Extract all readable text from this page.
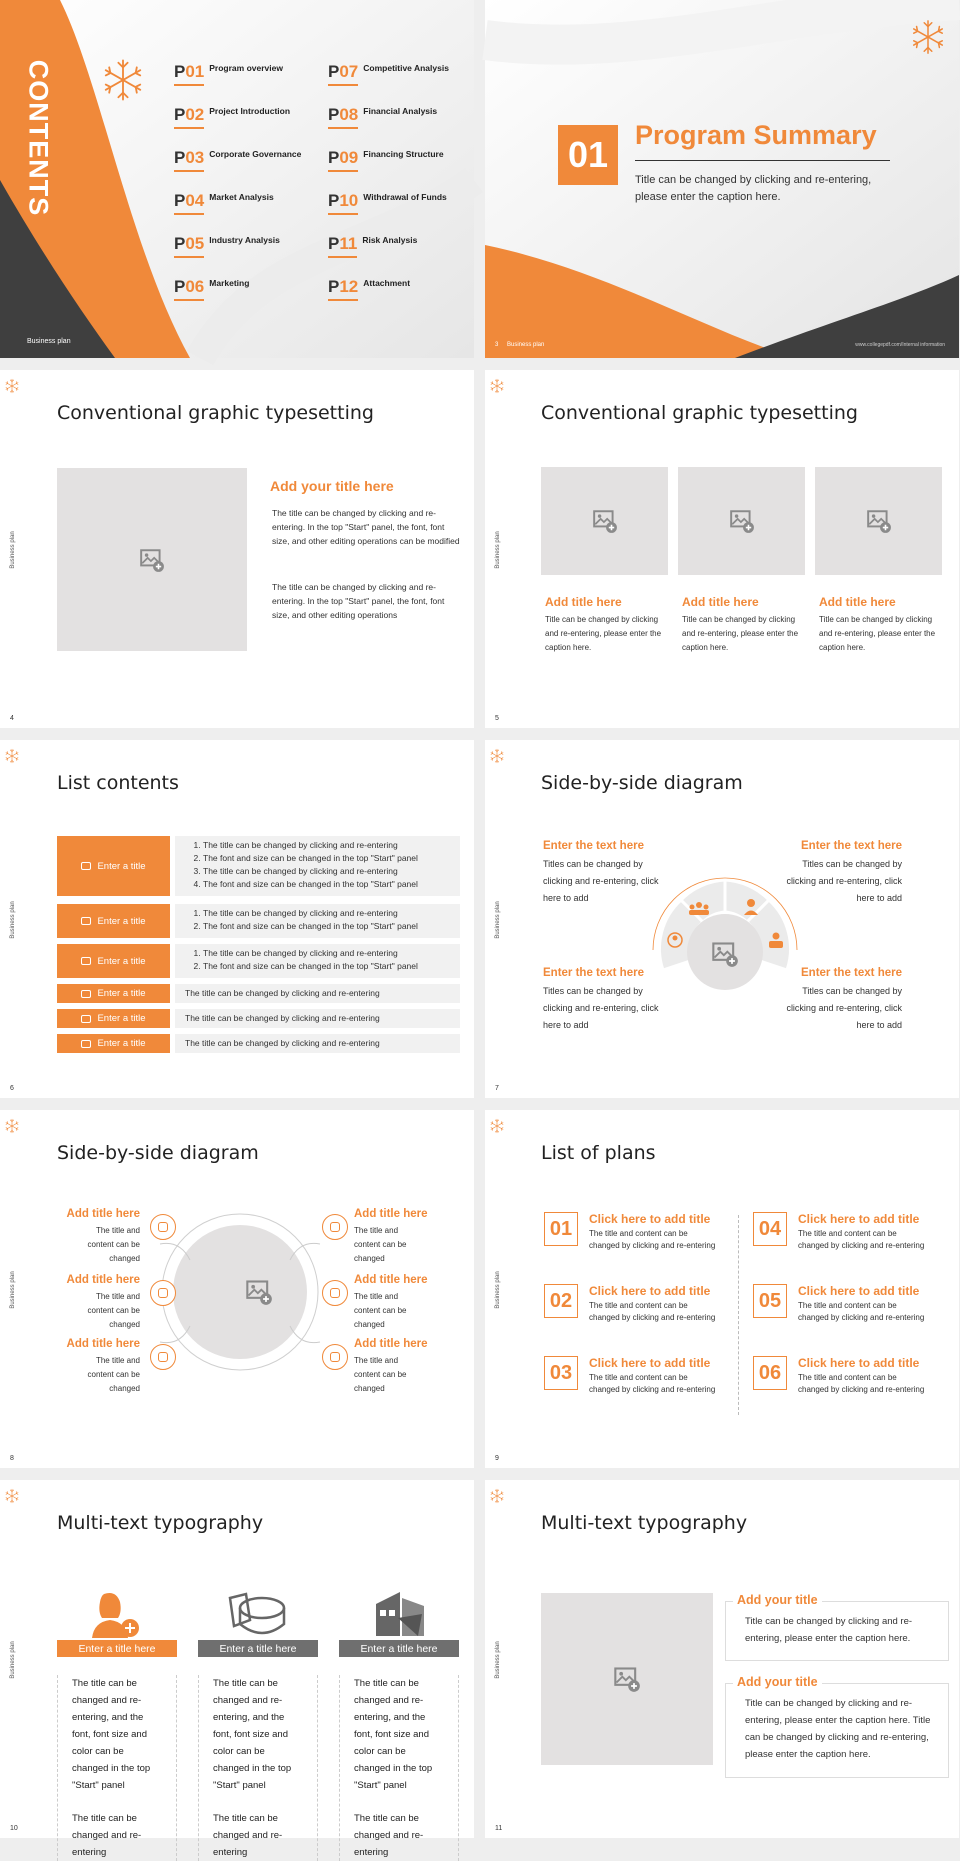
CONTENTS
Business plan
P01 Program overview
P02 Project Introduction
P03 Corporate Governance
P04 Market Analysis
P05 Industry Analysis
P06 Marketing
P07 Competitive Analysis
P08 Financial Analysis
P09 Financing Structure
P10 Withdrawal of Funds
P11 Risk Analysis
P12 Attachment
01 Program Summary
Title can be changed by clicking and re-entering, please enter the caption here.
3 Business plan	www.collegepdf.com/Internal information
Business plan
Conventional graphic typesetting
Add your title here
The title can be changed by clicking and re-entering. In the top "Start" panel, the font, font size, and other editing operations can be modified
The title can be changed by clicking and re-entering. In the top "Start" panel, the font, font size, and other editing operations
4
Business plan
Conventional graphic typesetting
Add title here
Title can be changed by clicking and re-entering, please enter the caption here.
Add title here
Title can be changed by clicking and re-entering, please enter the caption here.
Add title here
Title can be changed by clicking and re-entering, please enter the caption here.
5
Business plan
List contents
Enter a title
1. The title can be changed by clicking and re-entering
2. The font and size can be changed in the top "Start" panel
3. The title can be changed by clicking and re-entering
4. The font and size can be changed in the top "Start" panel
Enter a title
1. The title can be changed by clicking and re-entering
2. The font and size can be changed in the top "Start" panel
Enter a title
1. The title can be changed by clicking and re-entering
2. The font and size can be changed in the top "Start" panel
Enter a title	The title can be changed by clicking and re-entering
Enter a title	The title can be changed by clicking and re-entering
Enter a title	The title can be changed by clicking and re-entering
6
Business plan
Side-by-side diagram
Enter the text here
Titles can be changed by clicking and re-entering, click here to add
Enter the text here
Titles can be changed by clicking and re-entering, click here to add
Enter the text here
Titles can be changed by clicking and re-entering, click here to add
Enter the text here
Titles can be changed by clicking and re-entering, click here to add
7
Business plan
Side-by-side diagram
Add title here
The title and content can be changed
Add title here
The title and content can be changed
Add title here
The title and content can be changed
Add title here
The title and content can be changed
Add title here
The title and content can be changed
Add title here
The title and content can be changed
8
Business plan
List of plans
01 Click here to add title
The title and content can be changed by clicking and re-entering
02 Click here to add title
The title and content can be changed by clicking and re-entering
03 Click here to add title
The title and content can be changed by clicking and re-entering
04 Click here to add title
The title and content can be changed by clicking and re-entering
05 Click here to add title
The title and content can be changed by clicking and re-entering
06 Click here to add title
The title and content can be changed by clicking and re-entering
9
Business plan
Multi-text typography
Enter a title here
The title can be changed and re-entering, and the font, font size and color can be changed in the top "Start" panel
The title can be changed and re-entering
Enter a title here
The title can be changed and re-entering, and the font, font size and color can be changed in the top "Start" panel
The title can be changed and re-entering
Enter a title here
The title can be changed and re-entering, and the font, font size and color can be changed in the top "Start" panel
The title can be changed and re-entering
10
Business plan
Multi-text typography
Add your title
Title can be changed by clicking and re-entering, please enter the caption here.
Add your title
Title can be changed by clicking and re-entering, please enter the caption here. Title can be changed by clicking and re-entering, please enter the caption here.
11
